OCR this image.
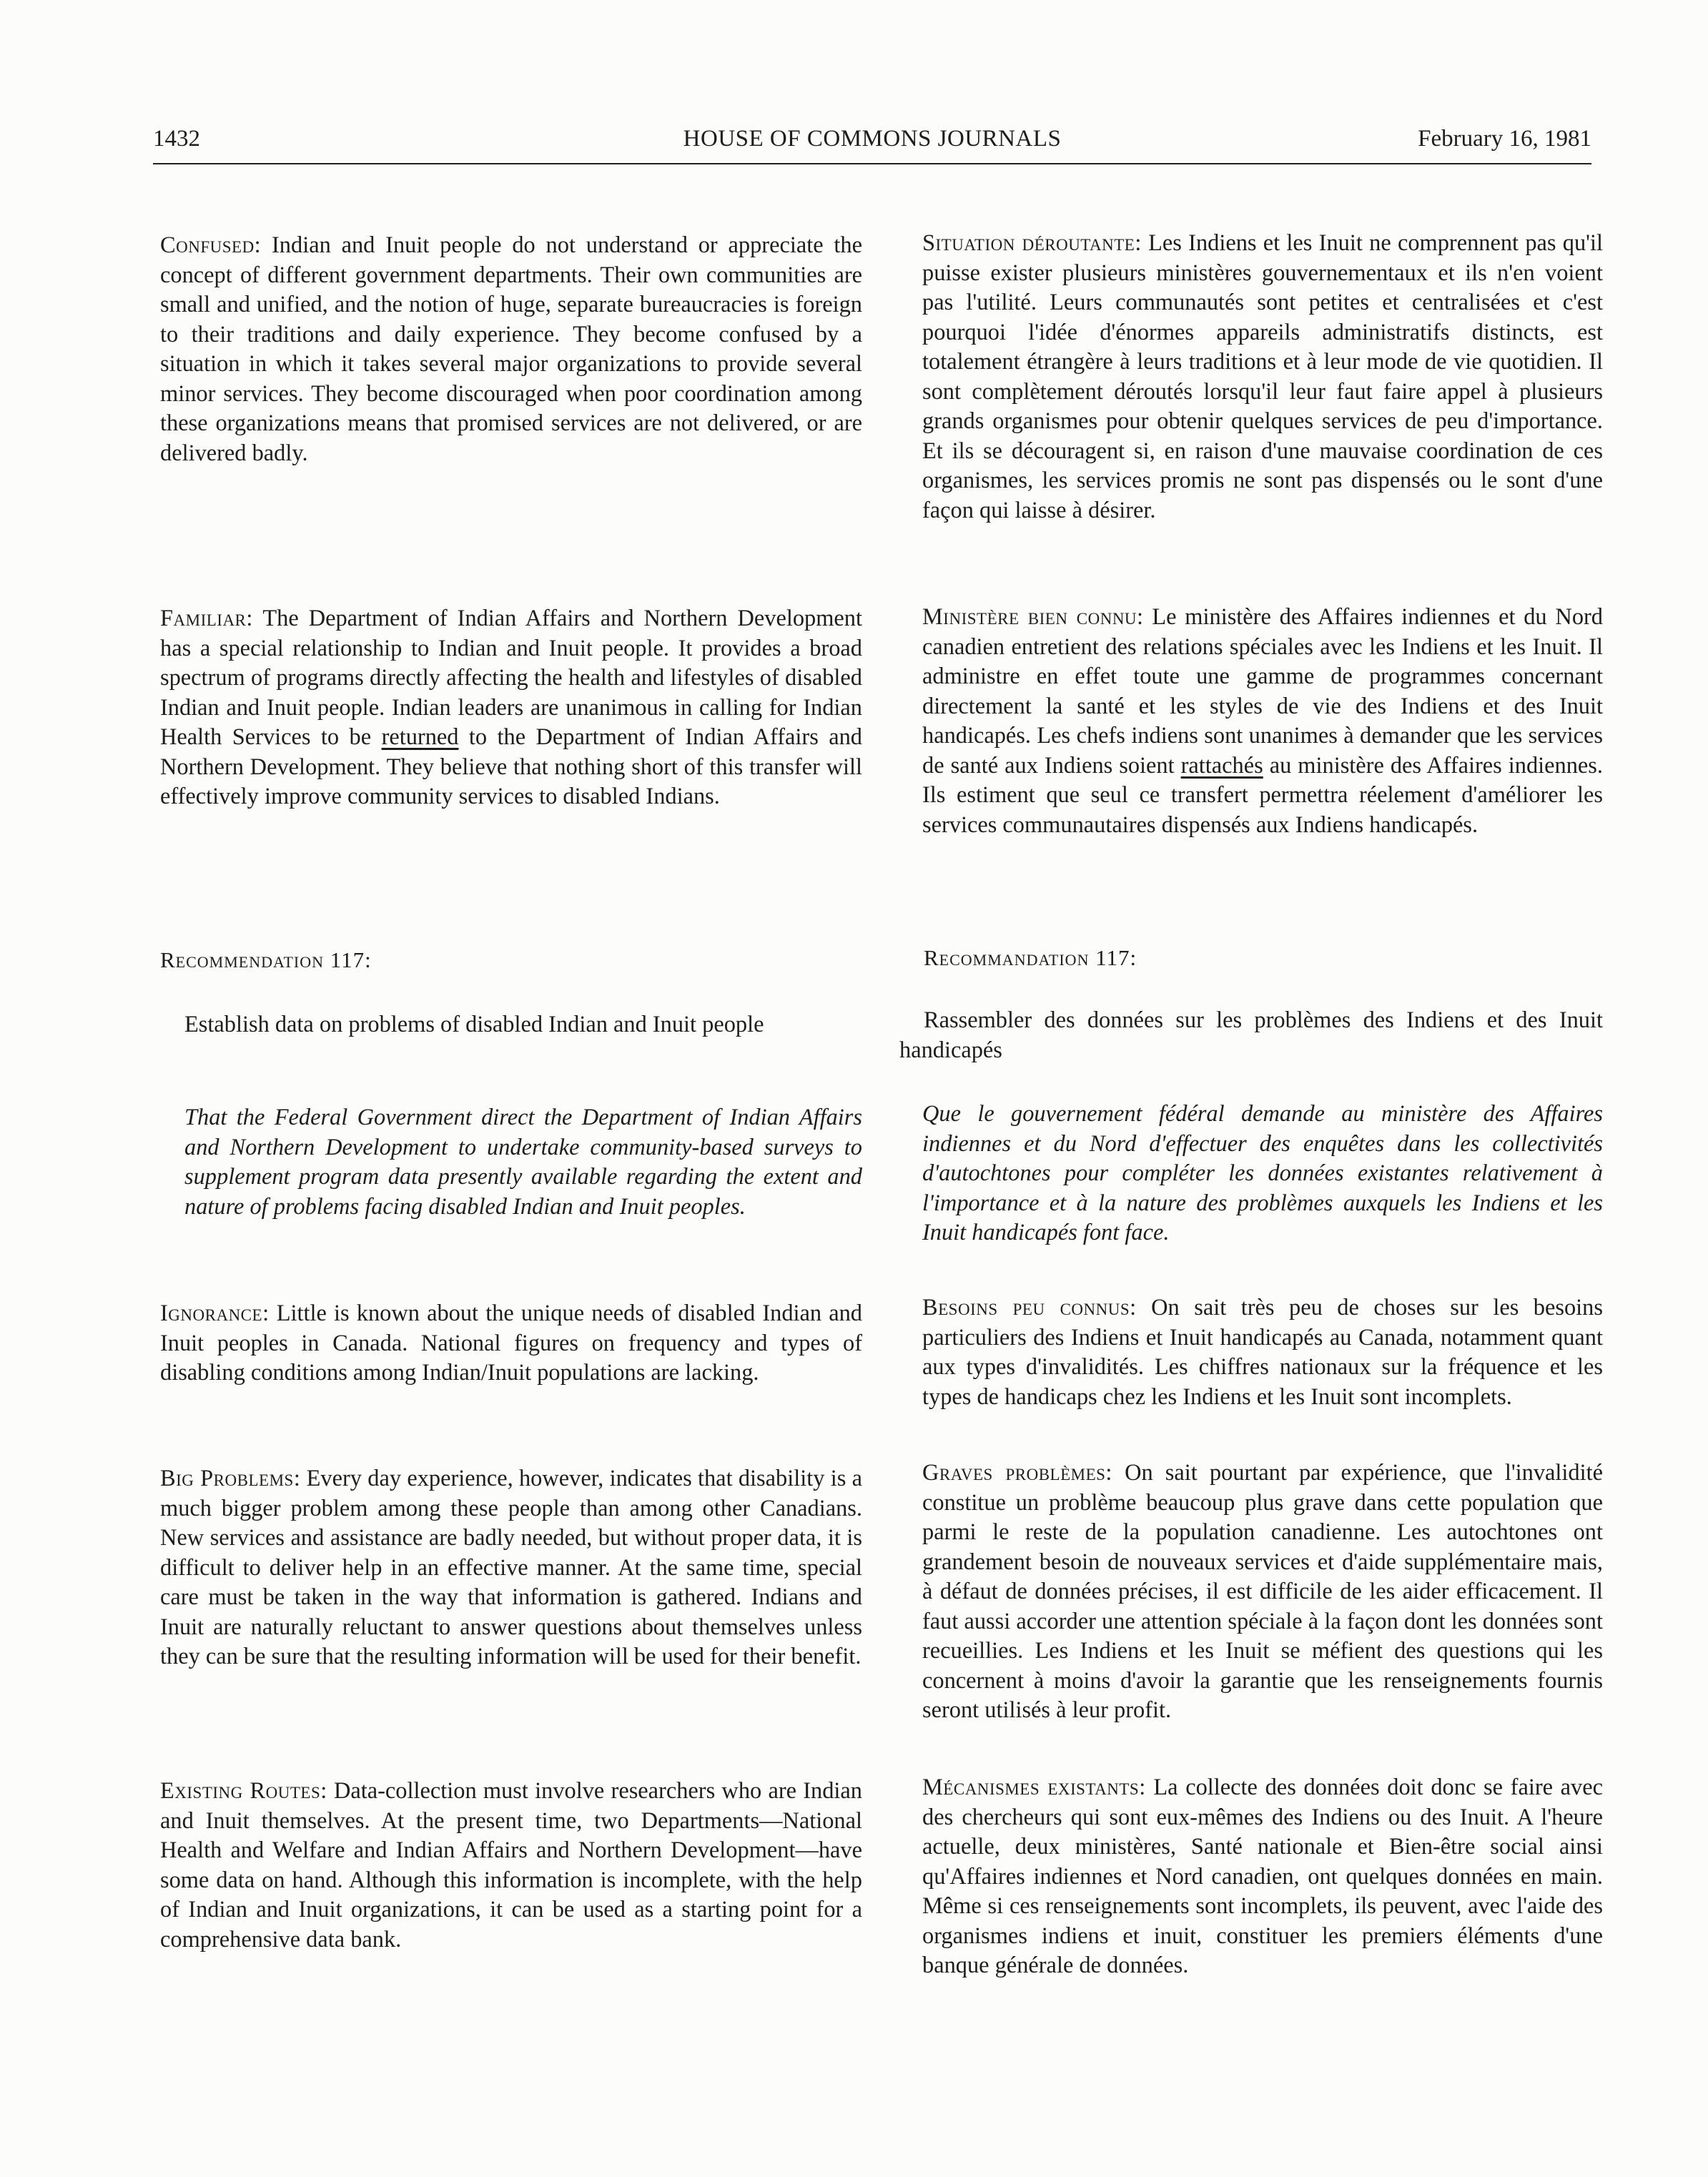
1432	HOUSE OF COMMONS JOURNALS	February 16, 1981

Confused: Indian and Inuit people do not understand or appreciate the concept of different government departments. Their own communities are small and unified, and the notion of huge, separate bureaucracies is foreign to their traditions and daily experience. They become confused by a situation in which it takes several major organizations to provide several minor services. They become discouraged when poor coordination among these organizations means that promised services are not delivered, or are delivered badly.

Familiar: The Department of Indian Affairs and Northern Development has a special relationship to Indian and Inuit people. It provides a broad spectrum of programs directly affecting the health and lifestyles of disabled Indian and Inuit people. Indian leaders are unanimous in calling for Indian Health Services to be returned to the Department of Indian Affairs and Northern Development. They believe that nothing short of this transfer will effectively improve community services to disabled Indians.

Recommendation 117:

Establish data on problems of disabled Indian and Inuit people

That the Federal Government direct the Department of Indian Affairs and Northern Development to undertake community-based surveys to supplement program data presently available regarding the extent and nature of problems facing disabled Indian and Inuit peoples.

Ignorance: Little is known about the unique needs of disabled Indian and Inuit peoples in Canada. National figures on frequency and types of disabling conditions among Indian/Inuit populations are lacking.

Big Problems: Every day experience, however, indicates that disability is a much bigger problem among these people than among other Canadians. New services and assistance are badly needed, but without proper data, it is difficult to deliver help in an effective manner. At the same time, special care must be taken in the way that information is gathered. Indians and Inuit are naturally reluctant to answer questions about themselves unless they can be sure that the resulting information will be used for their benefit.

Existing Routes: Data-collection must involve researchers who are Indian and Inuit themselves. At the present time, two Departments—National Health and Welfare and Indian Affairs and Northern Development—have some data on hand. Although this information is incomplete, with the help of Indian and Inuit organizations, it can be used as a starting point for a comprehensive data bank.

Situation déroutante: Les Indiens et les Inuit ne comprennent pas qu'il puisse exister plusieurs ministères gouvernementaux et ils n'en voient pas l'utilité. Leurs communautés sont petites et centralisées et c'est pourquoi l'idée d'énormes appareils administratifs distincts, est totalement étrangère à leurs traditions et à leur mode de vie quotidien. Il sont complètement déroutés lorsqu'il leur faut faire appel à plusieurs grands organismes pour obtenir quelques services de peu d'importance. Et ils se découragent si, en raison d'une mauvaise coordination de ces organismes, les services promis ne sont pas dispensés ou le sont d'une façon qui laisse à désirer.

Ministère bien connu: Le ministère des Affaires indiennes et du Nord canadien entretient des relations spéciales avec les Indiens et les Inuit. Il administre en effet toute une gamme de programmes concernant directement la santé et les styles de vie des Indiens et des Inuit handicapés. Les chefs indiens sont unanimes à demander que les services de santé aux Indiens soient rattachés au ministère des Affaires indiennes. Ils estiment que seul ce transfert permettra réelement d'améliorer les services communautaires dispensés aux Indiens handicapés.

Recommandation 117:

Rassembler des données sur les problèmes des Indiens et des Inuit handicapés

Que le gouvernement fédéral demande au ministère des Affaires indiennes et du Nord d'effectuer des enquêtes dans les collectivités d'autochtones pour compléter les données existantes relativement à l'importance et à la nature des problèmes auxquels les Indiens et les Inuit handicapés font face.

Besoins peu connus: On sait très peu de choses sur les besoins particuliers des Indiens et Inuit handicapés au Canada, notamment quant aux types d'invalidités. Les chiffres nationaux sur la fréquence et les types de handicaps chez les Indiens et les Inuit sont incomplets.

Graves problèmes: On sait pourtant par expérience, que l'invalidité constitue un problème beaucoup plus grave dans cette population que parmi le reste de la population canadienne. Les autochtones ont grandement besoin de nouveaux services et d'aide supplémentaire mais, à défaut de données précises, il est difficile de les aider efficacement. Il faut aussi accorder une attention spéciale à la façon dont les données sont recueillies. Les Indiens et les Inuit se méfient des questions qui les concernent à moins d'avoir la garantie que les renseignements fournis seront utilisés à leur profit.

Mécanismes existants: La collecte des données doit donc se faire avec des chercheurs qui sont eux-mêmes des Indiens ou des Inuit. A l'heure actuelle, deux ministères, Santé nationale et Bien-être social ainsi qu'Affaires indiennes et Nord canadien, ont quelques données en main. Même si ces renseignements sont incomplets, ils peuvent, avec l'aide des organismes indiens et inuit, constituer les premiers éléments d'une banque générale de données.
